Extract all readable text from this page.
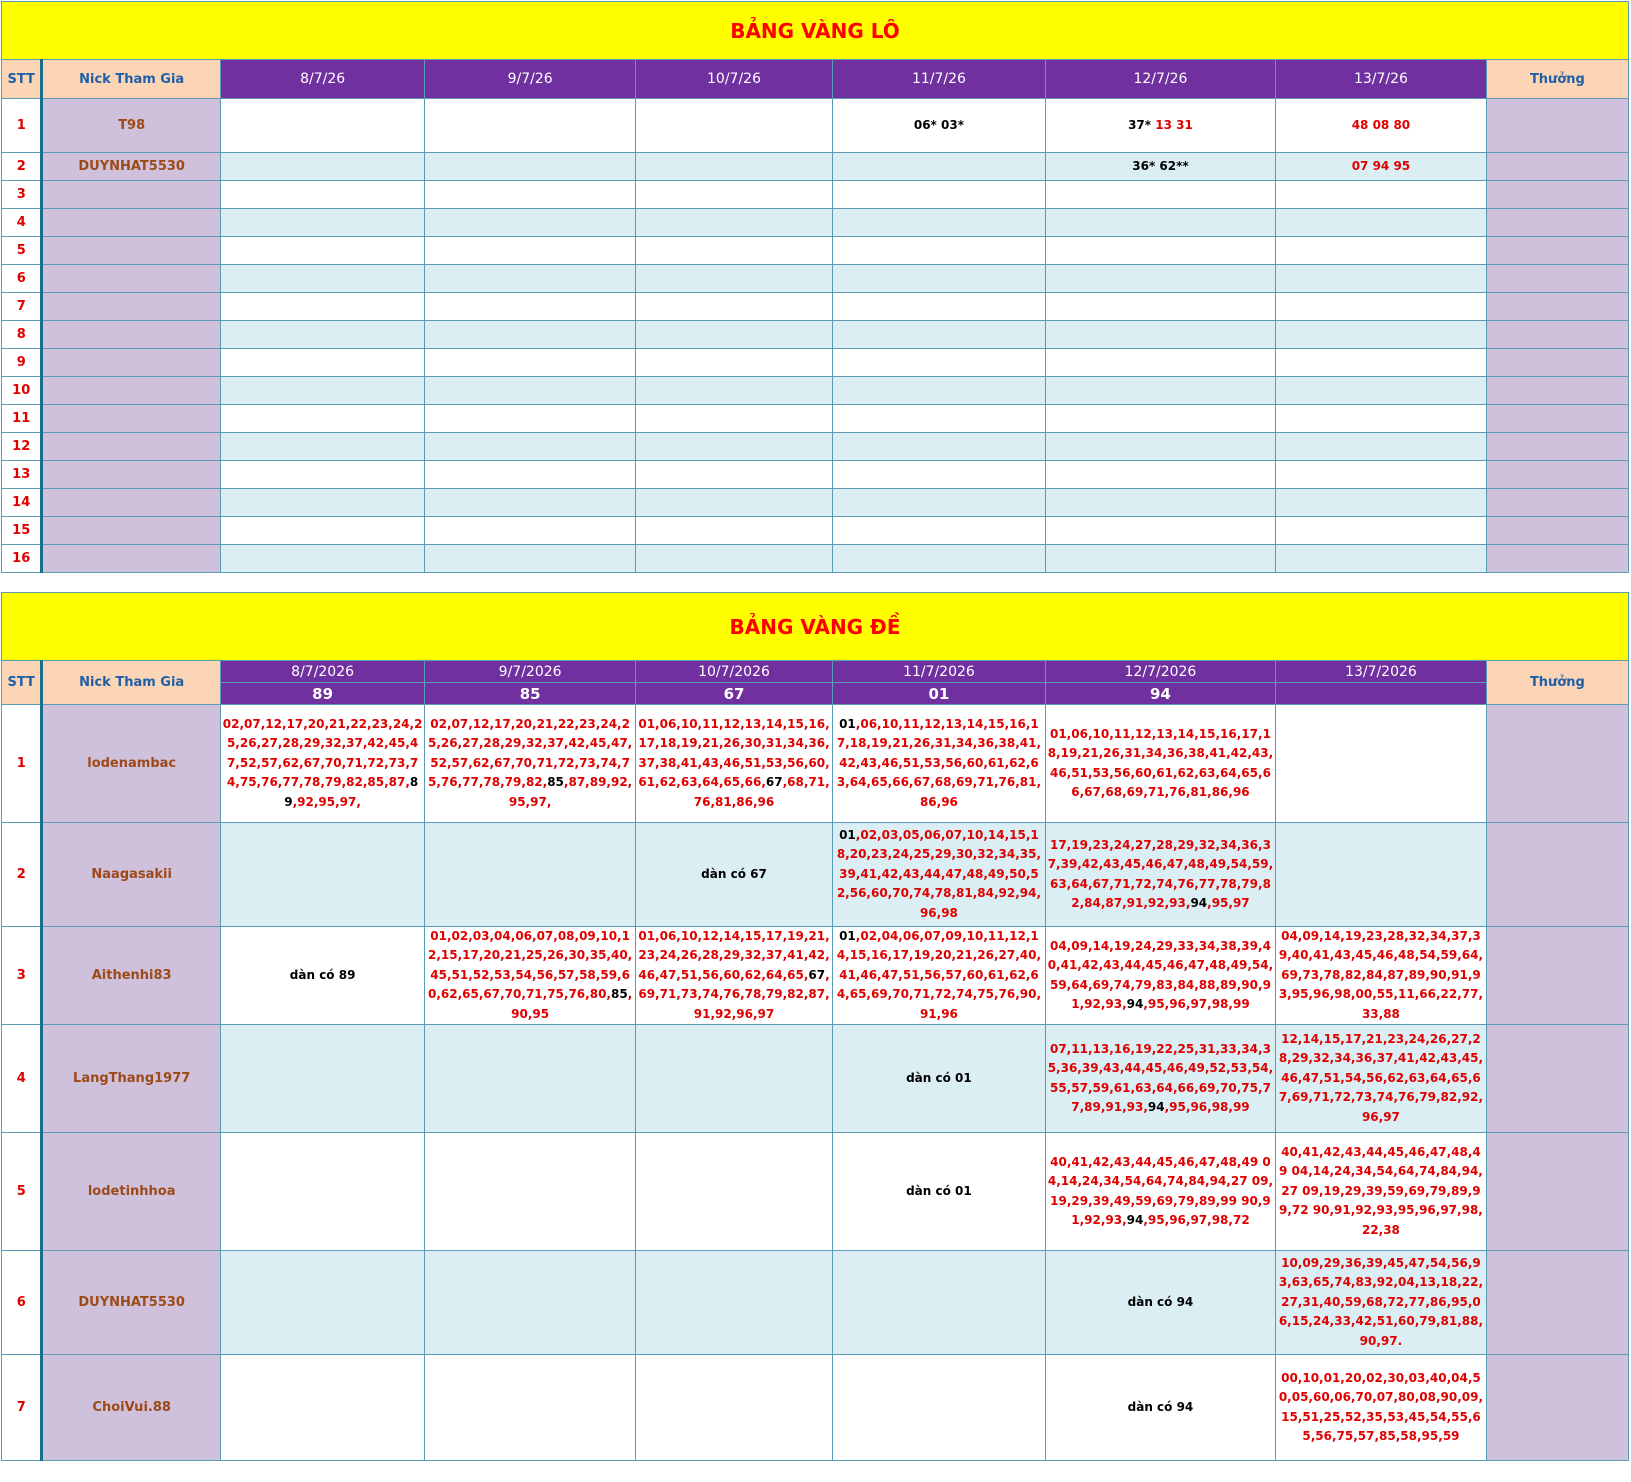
BẢNG VÀNG LÔ								
STT	Nick Tham Gia	8/7/26	9/7/26	10/7/26	11/7/26	12/7/26	13/7/26	Thưởng
1	T98				06* 03*	37* 13 31	48 08 80	
2	DUYNHAT5530					36* 62**	07 94 95	
3								
4								
5								
6								
7								
8								
9								
10								
11								
12								
13								
14								
15								
16								
BẢNG VÀNG ĐỀ								
STT	Nick Tham Gia	8/7/2026	9/7/2026	10/7/2026	11/7/2026	12/7/2026	13/7/2026	Thưởng
		89	85	67	01	94		
1	lodenambac	02,07,12,17,20,21,22,23,24,25,26,27,28,29,32,37,42,45,47,52,57,62,67,70,71,72,73,74,75,76,77,78,79,82,85,87,89,92,95,97,	02,07,12,17,20,21,22,23,24,25,26,27,28,29,32,37,42,45,47,52,57,62,67,70,71,72,73,74,75,76,77,78,79,82,85,87,89,92,95,97,	01,06,10,11,12,13,14,15,16,17,18,19,21,26,30,31,34,36,37,38,41,43,46,51,53,56,60,61,62,63,64,65,66,67,68,71,76,81,86,96	01,06,10,11,12,13,14,15,16,17,18,19,21,26,31,34,36,38,41,42,43,46,51,53,56,60,61,62,63,64,65,66,67,68,69,71,76,81,86,96	01,06,10,11,12,13,14,15,16,17,18,19,21,26,31,34,36,38,41,42,43,46,51,53,56,60,61,62,63,64,65,66,67,68,69,71,76,81,86,96		
2	Naagasakii			dàn có 67	01,02,03,05,06,07,10,14,15,18,20,23,24,25,29,30,32,34,35,39,41,42,43,44,47,48,49,50,52,56,60,70,74,78,81,84,92,94,96,98	17,19,23,24,27,28,29,32,34,36,37,39,42,43,45,46,47,48,49,54,59,63,64,67,71,72,74,76,77,78,79,82,84,87,91,92,93,94,95,97		
3	Aithenhi83	dàn có 89	01,02,03,04,06,07,08,09,10,12,15,17,20,21,25,26,30,35,40,45,51,52,53,54,56,57,58,59,60,62,65,67,70,71,75,76,80,85,90,95	01,06,10,12,14,15,17,19,21,23,24,26,28,29,32,37,41,42,46,47,51,56,60,62,64,65,67,69,71,73,74,76,78,79,82,87,91,92,96,97	01,02,04,06,07,09,10,11,12,14,15,16,17,19,20,21,26,27,40,41,46,47,51,56,57,60,61,62,64,65,69,70,71,72,74,75,76,90,91,96	04,09,14,19,24,29,33,34,38,39,40,41,42,43,44,45,46,47,48,49,54,59,64,69,74,79,83,84,88,89,90,91,92,93,94,95,96,97,98,99	04,09,14,19,23,28,32,34,37,39,40,41,43,45,46,48,54,59,64,69,73,78,82,84,87,89,90,91,93,95,96,98,00,55,11,66,22,77,33,88	
4	LangThang1977				dàn có 01	07,11,13,16,19,22,25,31,33,34,35,36,39,43,44,45,46,49,52,53,54,55,57,59,61,63,64,66,69,70,75,77,89,91,93,94,95,96,98,99	12,14,15,17,21,23,24,26,27,28,29,32,34,36,37,41,42,43,45,46,47,51,54,56,62,63,64,65,67,69,71,72,73,74,76,79,82,92,96,97	
5	lodetinhhoa				dàn có 01	40,41,42,43,44,45,46,47,48,49 04,14,24,34,54,64,74,84,94,27 09,19,29,39,49,59,69,79,89,99 90,91,92,93,94,95,96,97,98,72	40,41,42,43,44,45,46,47,48,49 04,14,24,34,54,64,74,84,94,27 09,19,29,39,59,69,79,89,99,72 90,91,92,93,95,96,97,98,22,38	
6	DUYNHAT5530					dàn có 94	10,09,29,36,39,45,47,54,56,93,63,65,74,83,92,04,13,18,22,27,31,40,59,68,72,77,86,95,06,15,24,33,42,51,60,79,81,88,90,97.	
7	ChoiVui.88					dàn có 94	00,10,01,20,02,30,03,40,04,50,05,60,06,70,07,80,08,90,09,15,51,25,52,35,53,45,54,55,65,56,75,57,85,58,95,59	
